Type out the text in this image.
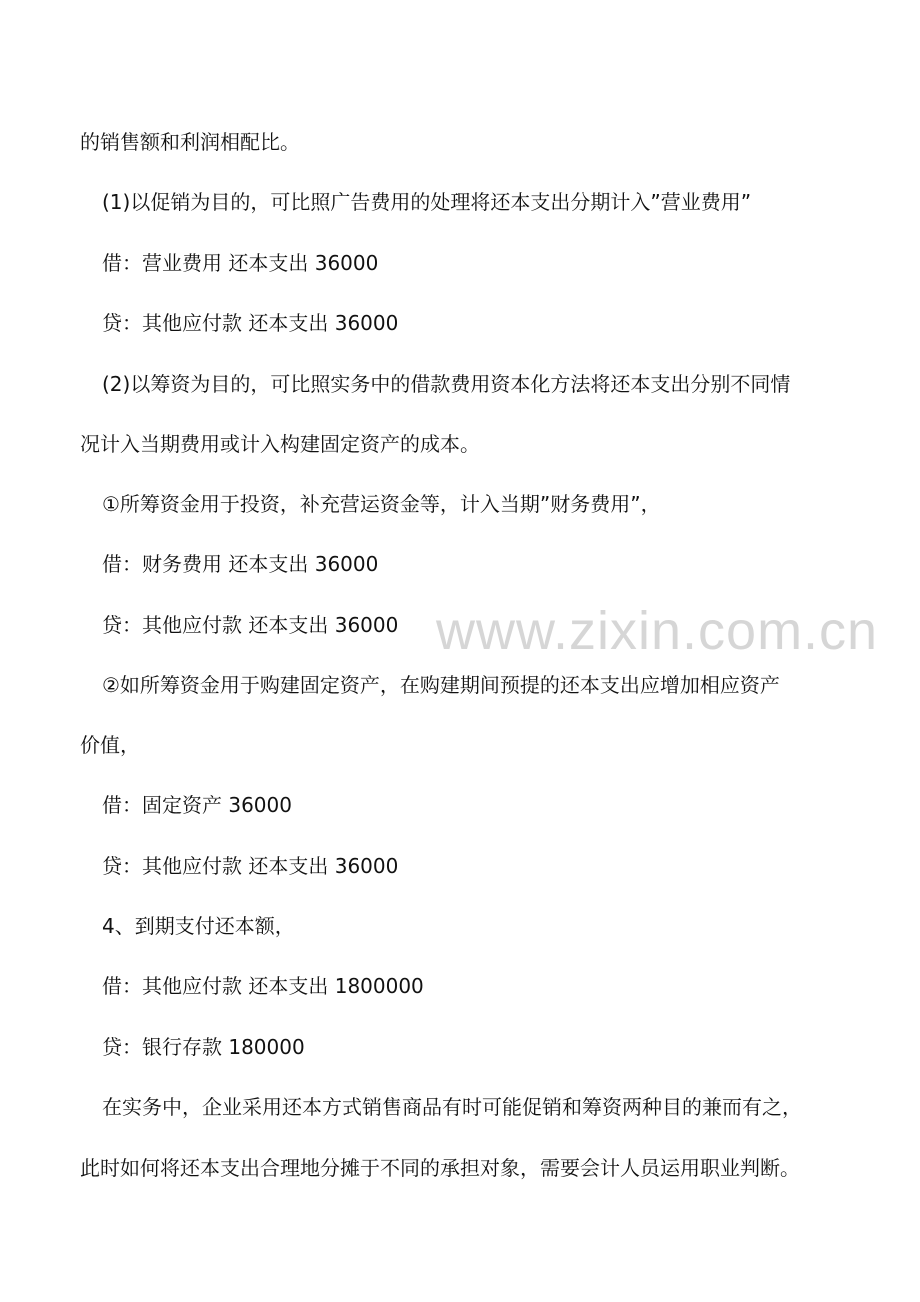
的销售额和利润相配比。
(1)以促销为目的，可比照广告费用的处理将还本支出分期计入”营业费用”
借：营业费用 还本支出 36000
贷：其他应付款 还本支出 36000
(2)以筹资为目的，可比照实务中的借款费用资本化方法将还本支出分别不同情
况计入当期费用或计入构建固定资产的成本。
①所筹资金用于投资，补充营运资金等，计入当期”财务费用”，
借：财务费用 还本支出 36000
贷：其他应付款 还本支出 36000
②如所筹资金用于购建固定资产，在购建期间预提的还本支出应增加相应资产
价值，
借：固定资产 36000
贷：其他应付款 还本支出 36000
4、到期支付还本额，
借：其他应付款 还本支出 1800000
贷：银行存款 180000
在实务中，企业采用还本方式销售商品有时可能促销和筹资两种目的兼而有之，
此时如何将还本支出合理地分摊于不同的承担对象，需要会计人员运用职业判断。
www.zixin.com.cn
